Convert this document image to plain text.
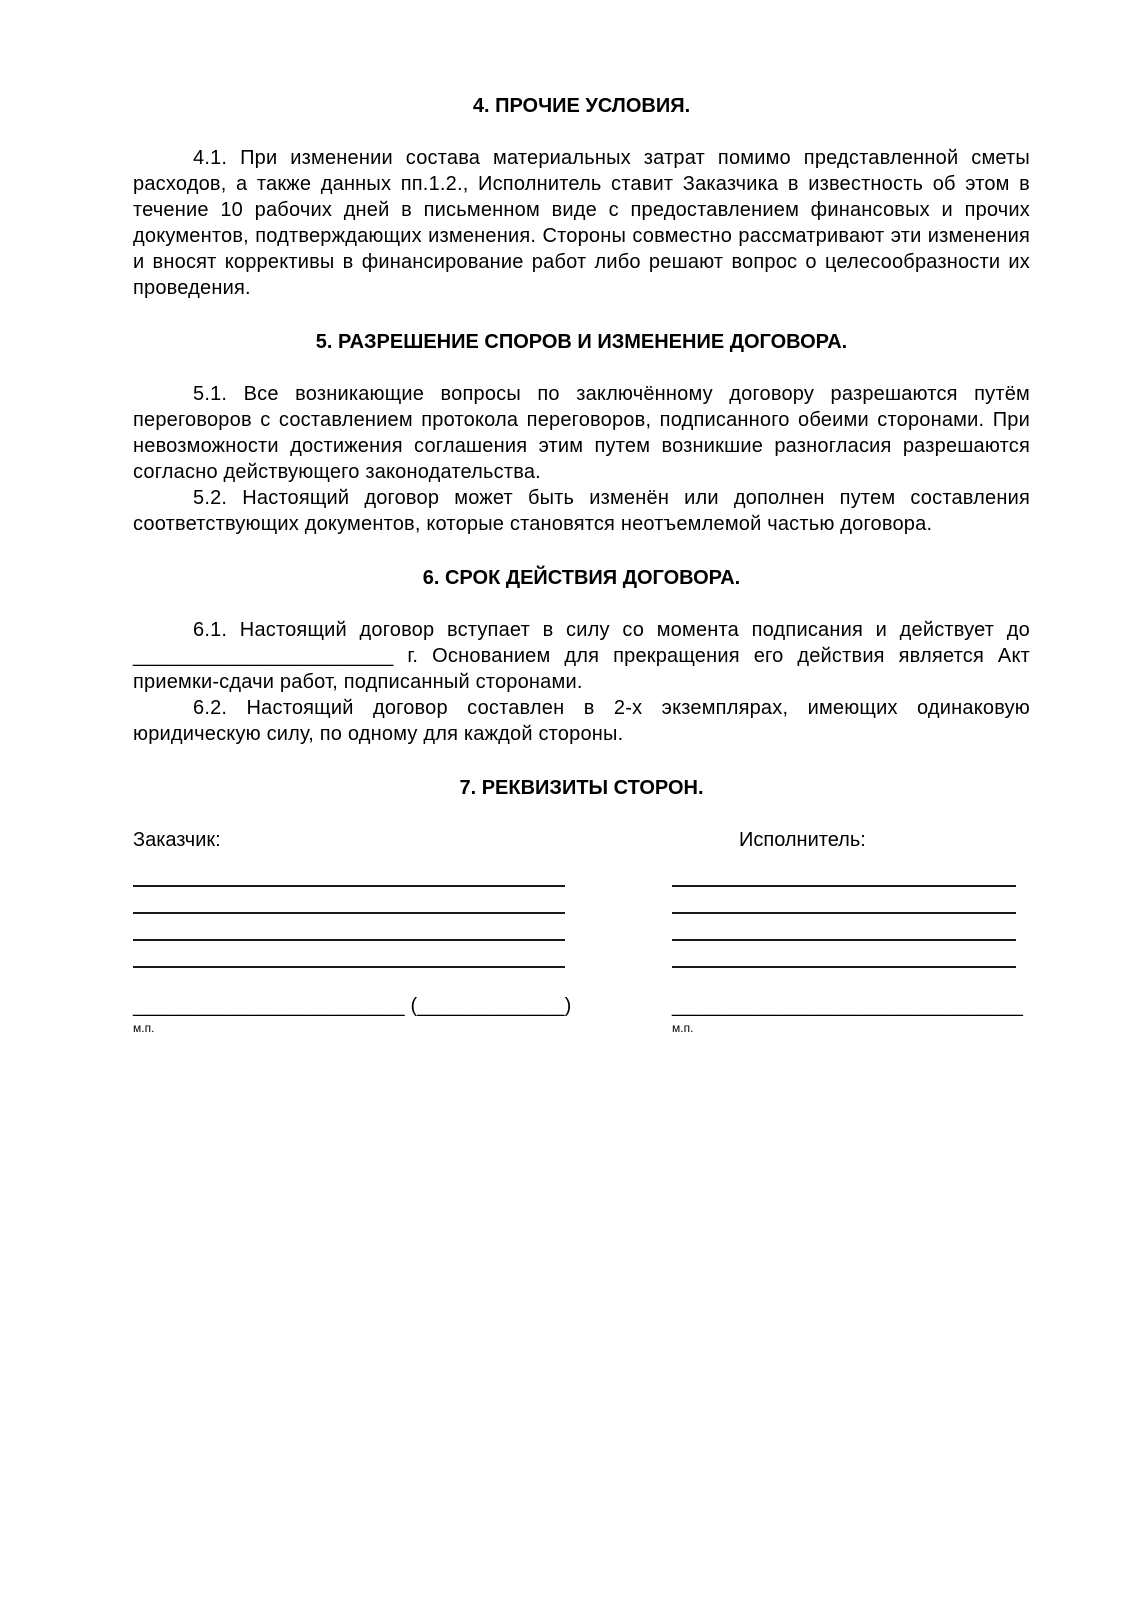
4. ПРОЧИЕ УСЛОВИЯ.

4.1. При изменении состава материальных затрат помимо представленной сметы расходов, а также данных пп.1.2., Исполнитель ставит Заказчика в известность об этом в течение 10 рабочих дней в письменном виде с предоставлением финансовых и прочих документов, подтверждающих изменения. Стороны совместно рассматривают эти изменения и вносят коррективы в финансирование работ либо решают вопрос о целесообразности их проведения.

5. РАЗРЕШЕНИЕ СПОРОВ И ИЗМЕНЕНИЕ ДОГОВОРА.

5.1. Все возникающие вопросы по заключённому договору разрешаются путём переговоров с составлением протокола переговоров, подписанного обеими сторонами. При невозможности достижения соглашения этим путем возникшие разногласия разрешаются согласно действующего законодательства.

5.2. Настоящий договор может быть изменён или дополнен путем составления соответствующих документов, которые становятся неотъемлемой частью договора.

6. СРОК ДЕЙСТВИЯ ДОГОВОРА.

6.1. Настоящий договор вступает в силу со момента подписания и действует до _______________________ г. Основанием для прекращения его действия является Акт приемки-сдачи работ, подписанный сторонами.

6.2. Настоящий договор составлен в 2-х экземплярах, имеющих одинаковую юридическую силу, по одному для каждой стороны.

7. РЕКВИЗИТЫ СТОРОН.
Заказчик:
________________________ (_____________)
м.п.
Исполнитель:
_______________________________
м.п.
